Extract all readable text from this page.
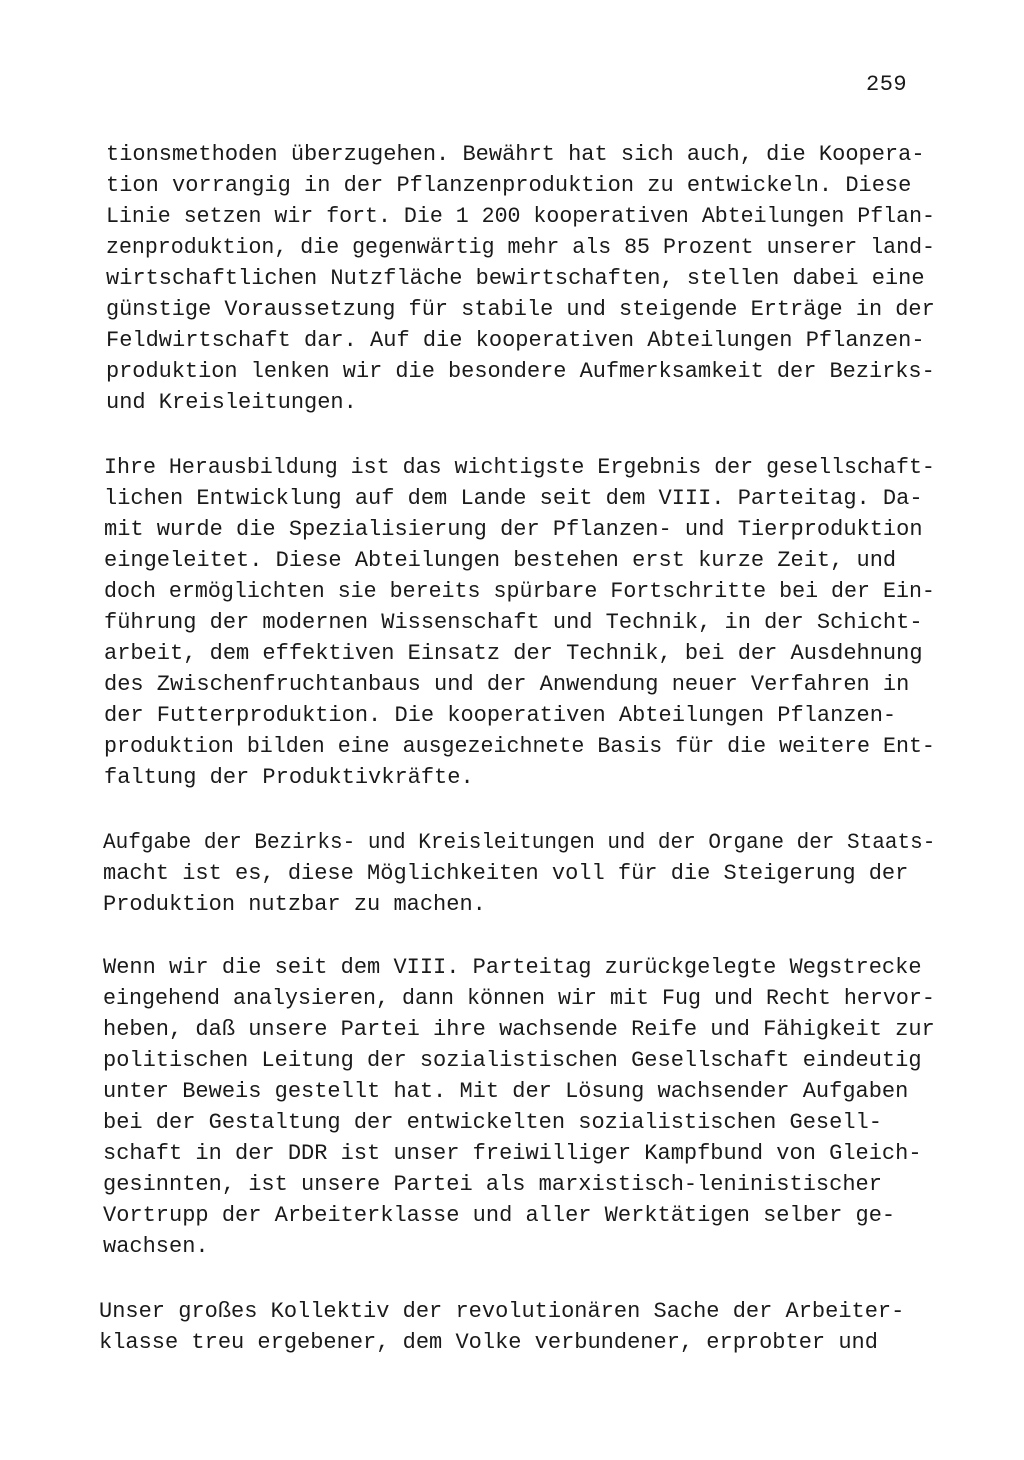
259
tionsmethoden überzugehen. Bewährt hat sich auch, die Koopera-
tion vorrangig in der Pflanzenproduktion zu entwickeln. Diese
Linie setzen wir fort. Die 1 200 kooperativen Abteilungen Pflan-
zenproduktion, die gegenwärtig mehr als 85 Prozent unserer land-
wirtschaftlichen Nutzfläche bewirtschaften, stellen dabei eine
günstige Voraussetzung für stabile und steigende Erträge in der
Feldwirtschaft dar. Auf die kooperativen Abteilungen Pflanzen-
produktion lenken wir die besondere Aufmerksamkeit der Bezirks-
und Kreisleitungen.
Ihre Herausbildung ist das wichtigste Ergebnis der gesellschaft-
lichen Entwicklung auf dem Lande seit dem VIII. Parteitag. Da-
mit wurde die Spezialisierung der Pflanzen- und Tierproduktion
eingeleitet. Diese Abteilungen bestehen erst kurze Zeit, und
doch ermöglichten sie bereits spürbare Fortschritte bei der Ein-
führung der modernen Wissenschaft und Technik, in der Schicht-
arbeit, dem effektiven Einsatz der Technik, bei der Ausdehnung
des Zwischenfruchtanbaus und der Anwendung neuer Verfahren in
der Futterproduktion. Die kooperativen Abteilungen Pflanzen-
produktion bilden eine ausgezeichnete Basis für die weitere Ent-
faltung der Produktivkräfte.
Aufgabe der Bezirks- und Kreisleitungen und der Organe der Staats-
macht ist es, diese Möglichkeiten voll für die Steigerung der
Produktion nutzbar zu machen.
Wenn wir die seit dem VIII. Parteitag zurückgelegte Wegstrecke
eingehend analysieren, dann können wir mit Fug und Recht hervor-
heben, daß unsere Partei ihre wachsende Reife und Fähigkeit zur
politischen Leitung der sozialistischen Gesellschaft eindeutig
unter Beweis gestellt hat. Mit der Lösung wachsender Aufgaben
bei der Gestaltung der entwickelten sozialistischen Gesell-
schaft in der DDR ist unser freiwilliger Kampfbund von Gleich-
gesinnten, ist unsere Partei als marxistisch-leninistischer
Vortrupp der Arbeiterklasse und aller Werktätigen selber ge-
wachsen.
Unser großes Kollektiv der revolutionären Sache der Arbeiter-
klasse treu ergebener, dem Volke verbundener, erprobter und
